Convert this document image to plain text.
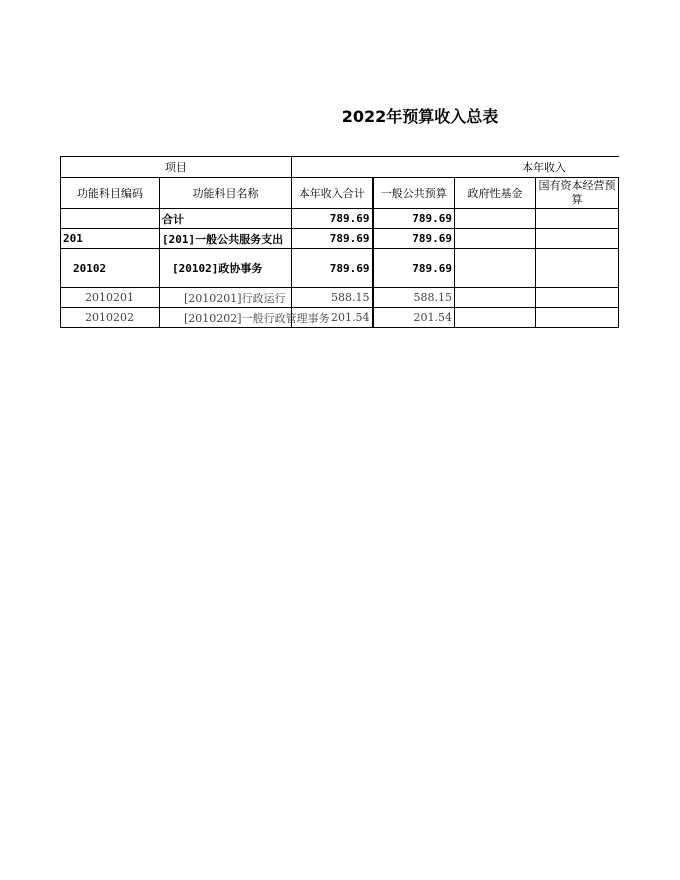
2022年预算收入总表
项目		本年收入			
功能科目编码	功能科目名称	本年收入合计	一般公共预算	政府性基金	国有资本经营预算
	合计	789.69	789.69		
201	[201]一般公共服务支出	789.69	789.69		
20102	[20102]政协事务	789.69	789.69		
2010201	[2010201]行政运行	588.15	588.15		
2010202	[2010202]一般行政管理事务	201.54	201.54		
